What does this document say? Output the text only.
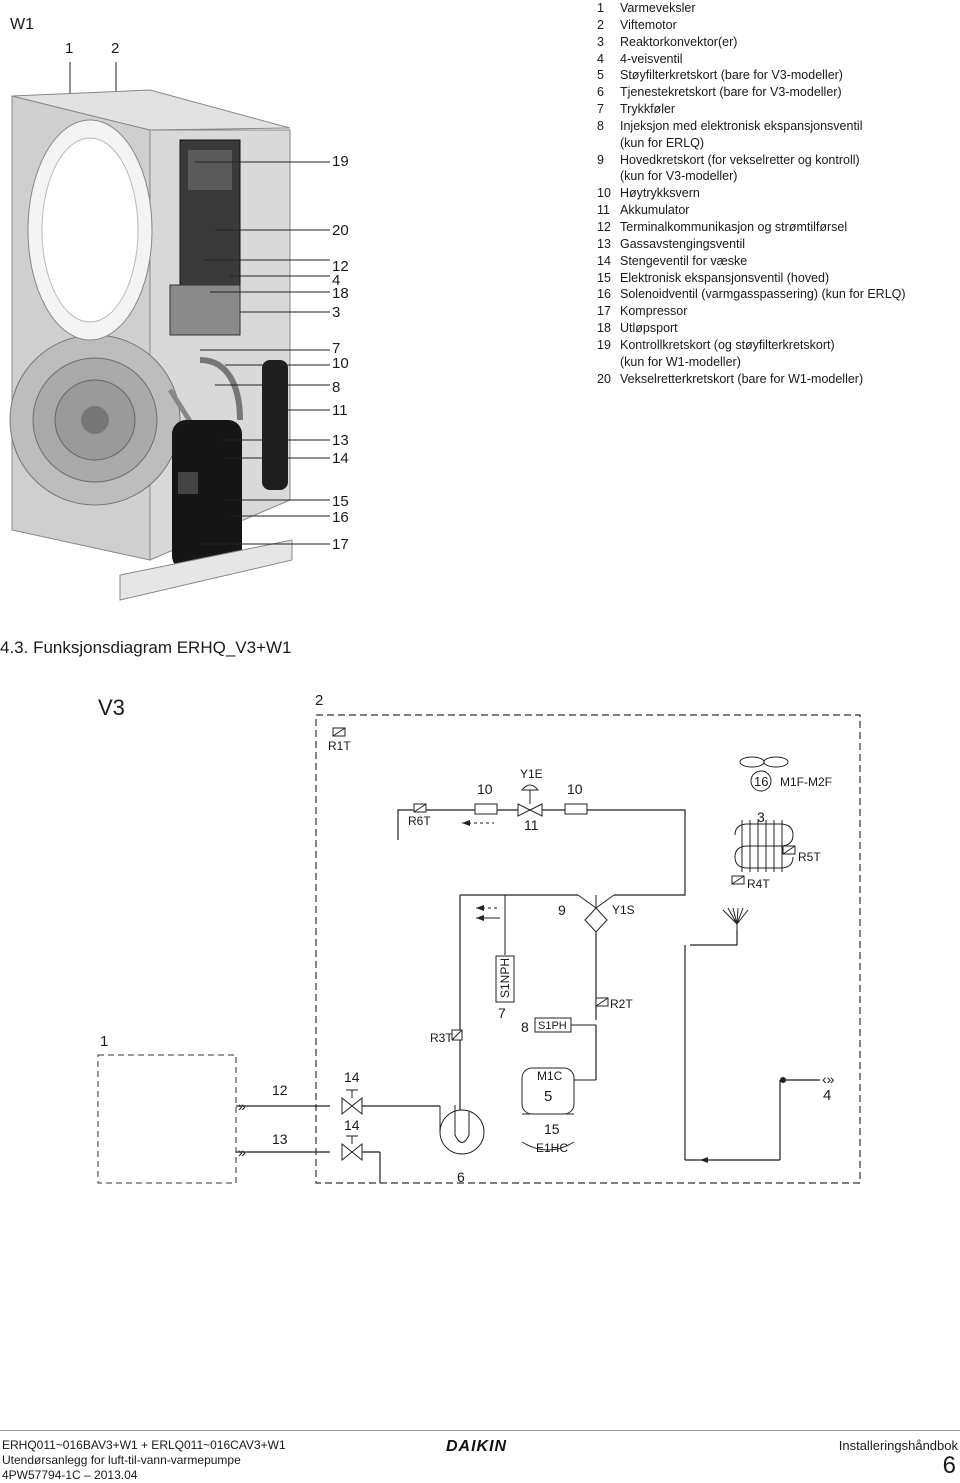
W1
1	2
19
20
12
4
18
3
7
10
8
11
13
14
15
16
17
1	Varmeveksler
2	Viftemotor
3	Reaktorkonvektor(er)
4	4-veisventil
5	Støyfilterkretskort (bare for V3-modeller)
6	Tjenestekretskort (bare for V3-modeller)
7	Trykkføler
8	Injeksjon med elektronisk ekspansjonsventil
(kun for ERLQ)
9	Hovedkretskort (for vekselretter og kontroll)
(kun for V3-modeller)
10 Høytrykksvern
11 Akkumulator
12 Terminalkommunikasjon og strømtilførsel
13 Gassavstengingsventil
14 Stengeventil for væske
15 Elektronisk ekspansjonsventil (hoved)
16 Solenoidventil (varmgasspassering) (kun for ERLQ)
17 Kompressor
18 Utløpsport
19 Kontrollkretskort (og støyfilterkretskort)
(kun for W1-modeller)
20 Vekselretterkretskort (bare for W1-modeller)
4.3. Funksjonsdiagram ERHQ_V3+W1
V3	2
R1T
10	10
Y1E
11
R6T
16 M1F-M2F
3
R5T
R4T
9	Y1S
R2T
S1NPH
7
S1PH
8
R3T
1
12
13
»
»
14
14
6
M1C
5
15
E1HC
‹»
4
ERHQ011~016BAV3+W1 + ERLQ011~016CAV3+W1
Utendørsanlegg for luft-til-vann-varmepumpe
4PW57794-1C – 2013.04
DAIKIN	Installeringshåndbok
6
